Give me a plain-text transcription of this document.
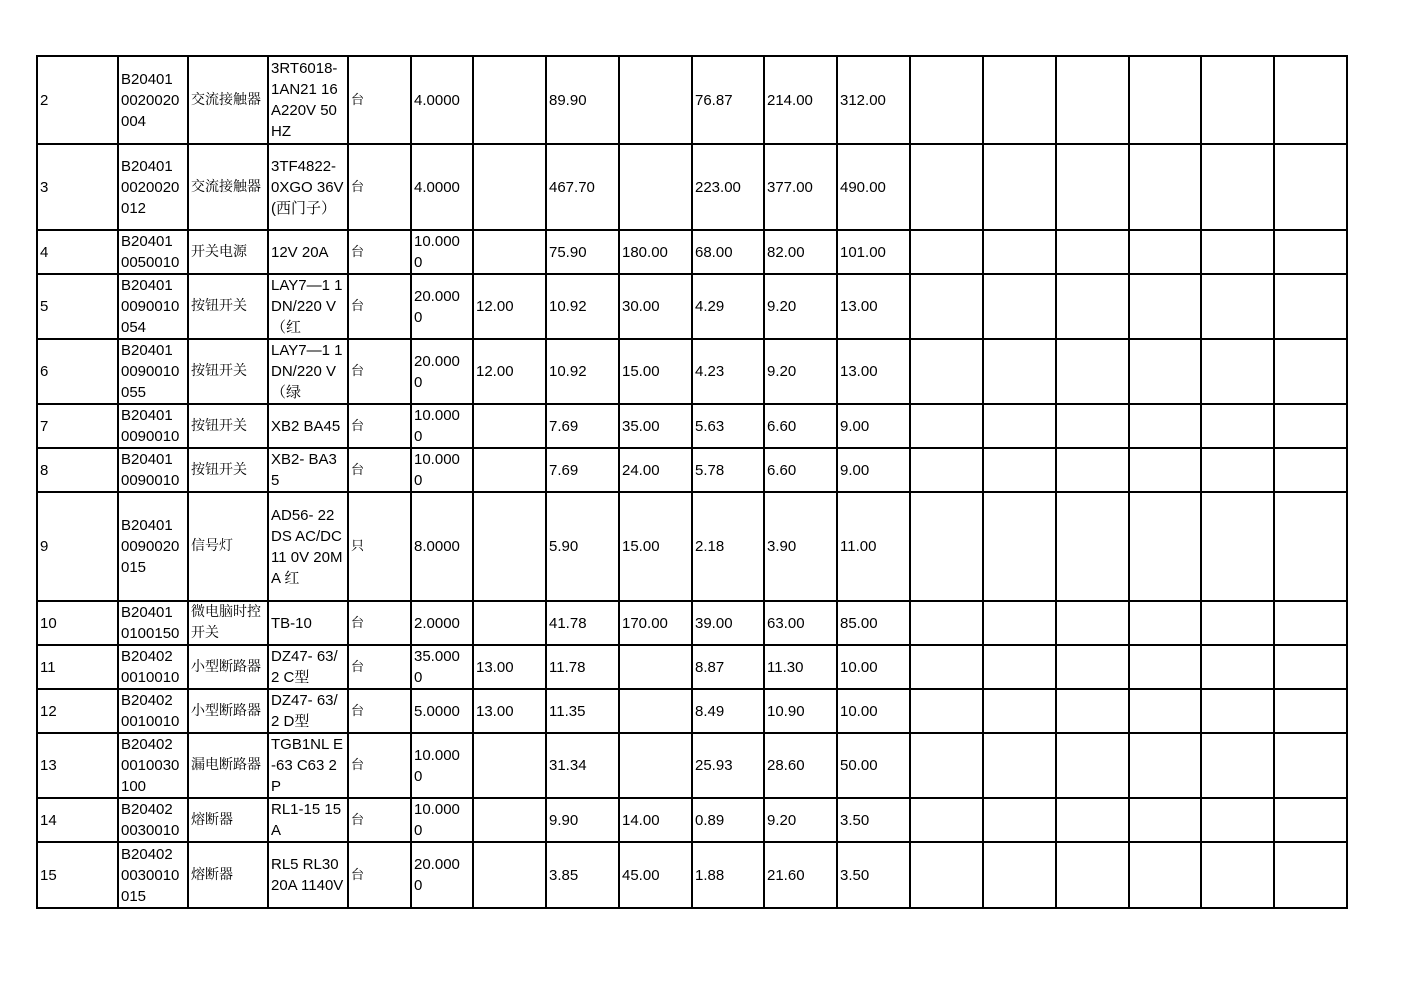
2	B20401 0020020 004	交流接触器	3RT6018- 1AN21 16A220V 50HZ	台	4.0000		89.90		76.87	214.00	312.00						
3	B20401 0020020 012	交流接触器	3TF4822- 0XGO 36V(西门子）	台	4.0000		467.70		223.00	377.00	490.00						
4	B20401 0050010	开关电源	12V 20A	台	10.000 0		75.90	180.00	68.00	82.00	101.00						
5	B20401 0090010 054	按钮开关	LAY7—1 1DN/220 V （红	台	20.000 0	12.00	10.92	30.00	4.29	9.20	13.00						
6	B20401 0090010 055	按钮开关	LAY7—1 1DN/220 V （绿	台	20.000 0	12.00	10.92	15.00	4.23	9.20	13.00						
7	B20401 0090010	按钮开关	XB2 BA45	台	10.000 0		7.69	35.00	5.63	6.60	9.00						
8	B20401 0090010	按钮开关	XB2- BA35	台	10.000 0		7.69	24.00	5.78	6.60	9.00						
9	B20401 0090020 015	信号灯	AD56- 22DS AC/DC11 0V 20MA 红	只	8.0000		5.90	15.00	2.18	3.90	11.00						
10	B20401 0100150	微电脑时控开关	TB-10	台	2.0000		41.78	170.00	39.00	63.00	85.00						
11	B20402 0010010	小型断路器	DZ47- 63/2 C型	台	35.000 0	13.00	11.78		8.87	11.30	10.00						
12	B20402 0010010	小型断路器	DZ47- 63/2 D型	台	5.0000	13.00	11.35		8.49	10.90	10.00						
13	B20402 0010030 100	漏电断路器	TGB1NL E-63 C63 2P	台	10.000 0		31.34		25.93	28.60	50.00						
14	B20402 0030010	熔断器	RL1-15 15A	台	10.000 0		9.90	14.00	0.89	9.20	3.50						
15	B20402 0030010 015	熔断器	RL5 RL30 20A 1140V	台	20.000 0		3.85	45.00	1.88	21.60	3.50						
